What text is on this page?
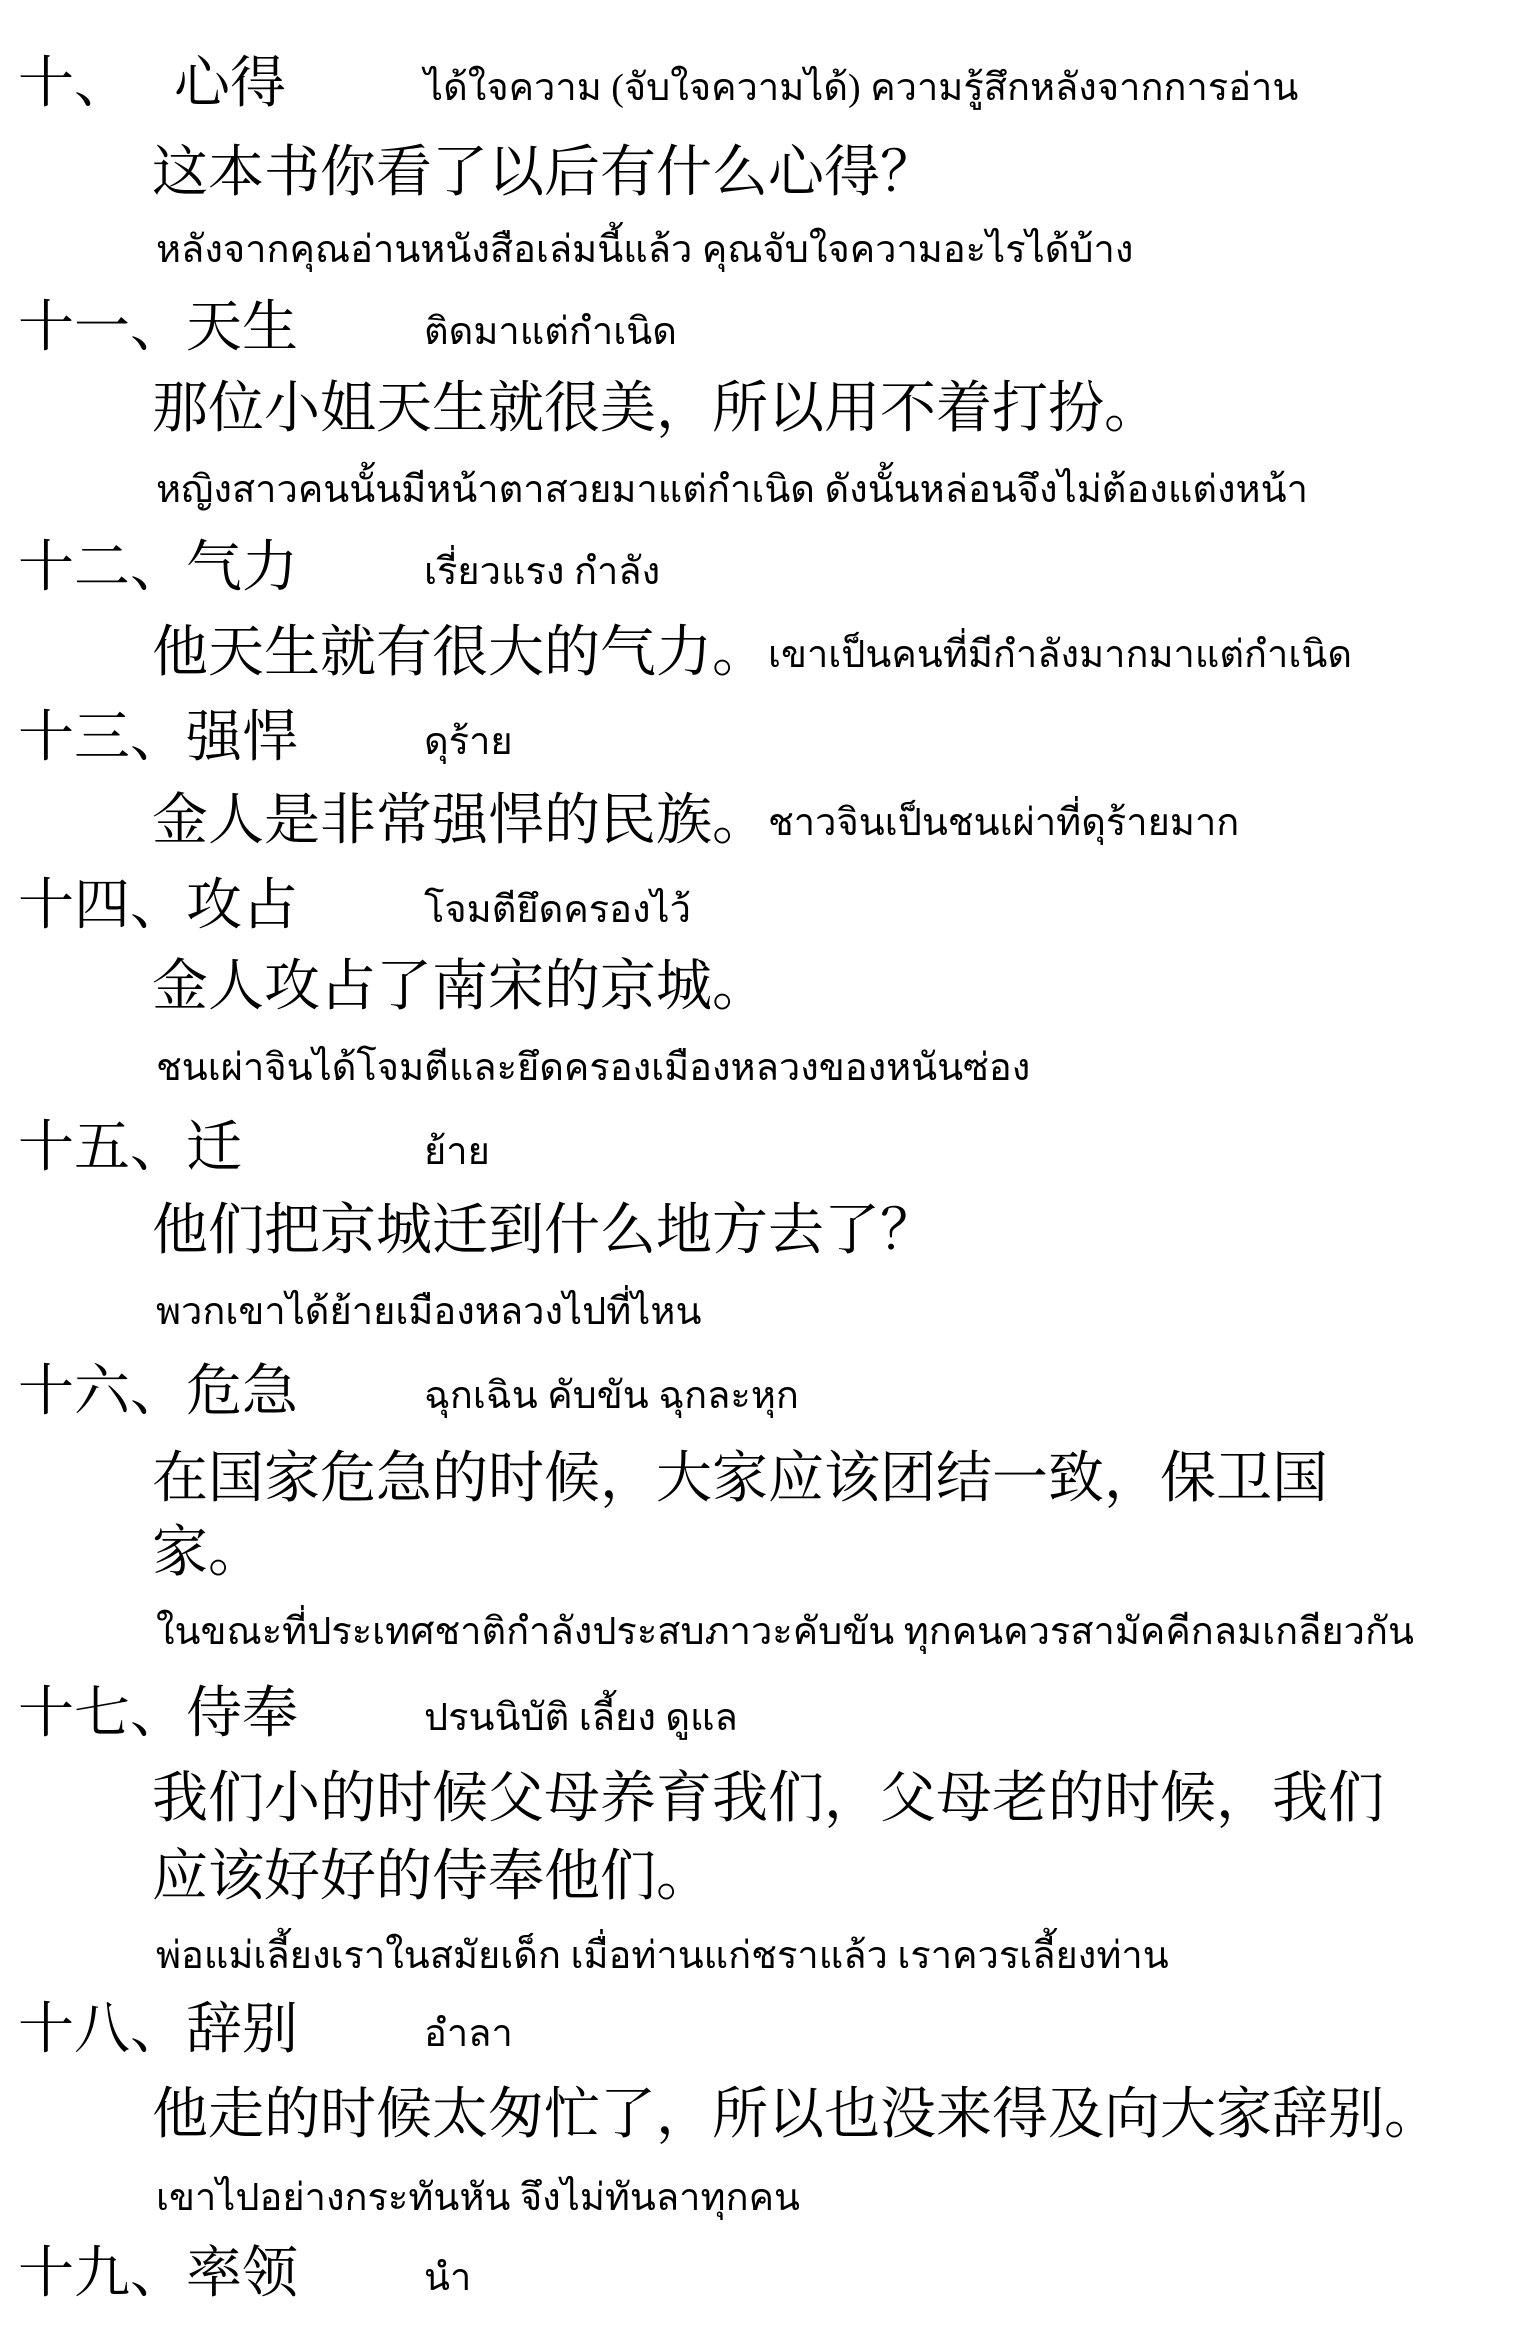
十、 心得	ได้ใจความ (จับใจความได้) ความรู้สึกหลังจากการอ่าน
这本书你看了以后有什么心得？
หลังจากคุณอ่านหนังสือเล่มนี้แล้ว คุณจับใจความอะไรได้บ้าง
十一、天生	ติดมาแต่กำเนิด
那位小姐天生就很美，所以用不着打扮。
หญิงสาวคนนั้นมีหน้าตาสวยมาแต่กำเนิด ดังนั้นหล่อนจึงไม่ต้องแต่งหน้า
十二、气力	เรี่ยวแรง กำลัง
他天生就有很大的气力。เขาเป็นคนที่มีกำลังมากมาแต่กำเนิด
十三、强悍	ดุร้าย
金人是非常强悍的民族。ชาวจินเป็นชนเผ่าที่ดุร้ายมาก
十四、攻占	โจมตียึดครองไว้
金人攻占了南宋的京城。
ชนเผ่าจินได้โจมตีและยึดครองเมืองหลวงของหนันซ่อง
十五、迁	ย้าย
他们把京城迁到什么地方去了？
พวกเขาได้ย้ายเมืองหลวงไปที่ไหน
十六、危急	ฉุกเฉิน คับขัน ฉุกละหุก
在国家危急的时候，大家应该团结一致，保卫国
家。
ในขณะที่ประเทศชาติกำลังประสบภาวะคับขัน ทุกคนควรสามัคคีกลมเกลียวกัน
十七、侍奉	ปรนนิบัติ เลี้ยง ดูแล
我们小的时候父母养育我们，父母老的时候，我们
应该好好的侍奉他们。
พ่อแม่เลี้ยงเราในสมัยเด็ก เมื่อท่านแก่ชราแล้ว เราควรเลี้ยงท่าน
十八、辞别	อำลา
他走的时候太匆忙了，所以也没来得及向大家辞别。
เขาไปอย่างกระทันหัน จึงไม่ทันลาทุกคน
十九、率领	นำ
